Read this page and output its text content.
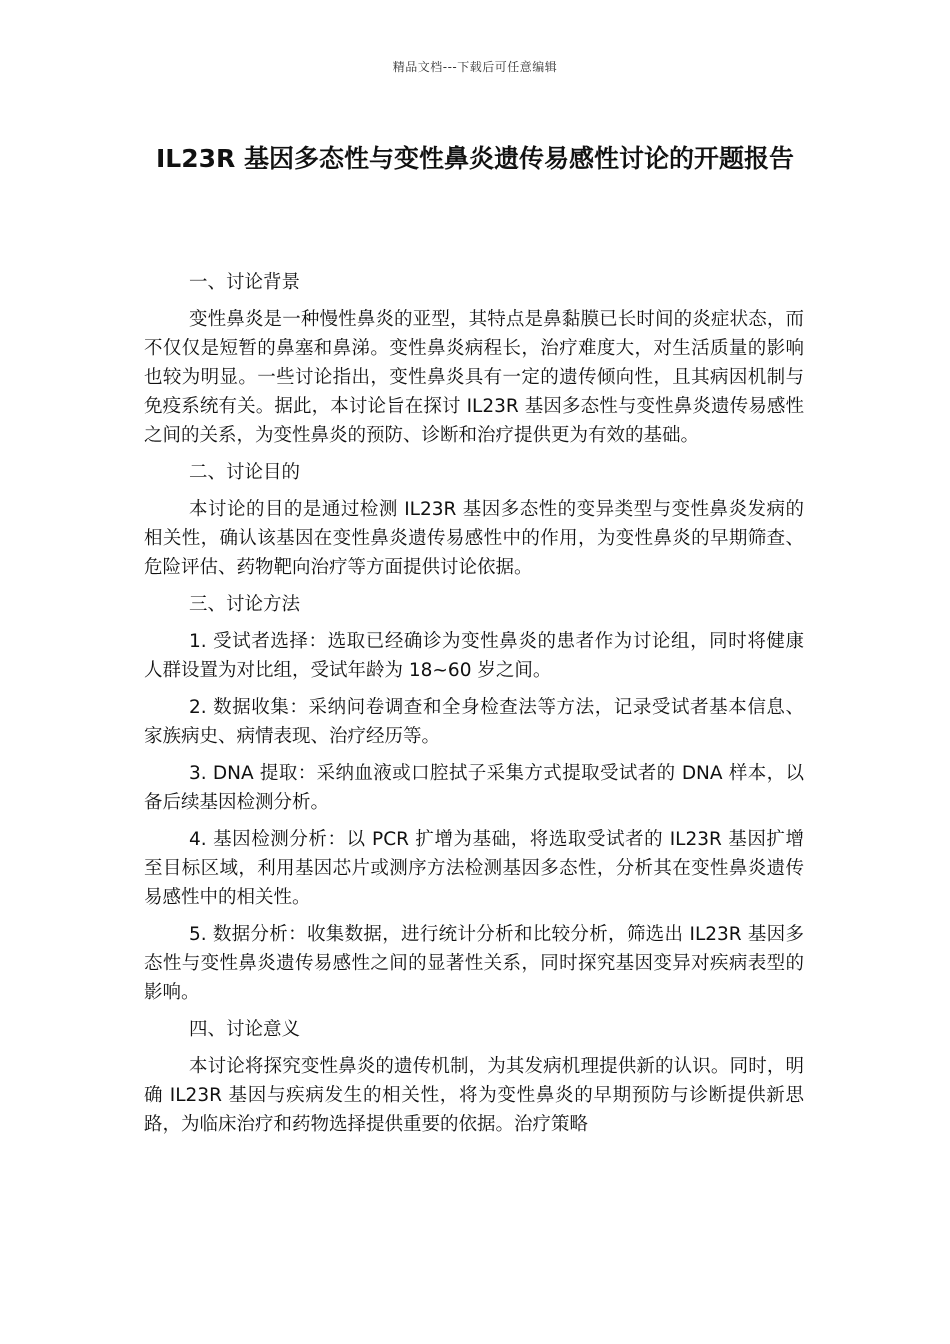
精品文档---下载后可任意编辑
IL23R 基因多态性与变性鼻炎遗传易感性讨论的开题报告

一、讨论背景

变性鼻炎是一种慢性鼻炎的亚型，其特点是鼻黏膜已长时间的炎症状态，而不仅仅是短暂的鼻塞和鼻涕。变性鼻炎病程长，治疗难度大，对生活质量的影响也较为明显。一些讨论指出，变性鼻炎具有一定的遗传倾向性，且其病因机制与免疫系统有关。据此，本讨论旨在探讨 IL23R 基因多态性与变性鼻炎遗传易感性之间的关系，为变性鼻炎的预防、诊断和治疗提供更为有效的基础。

二、讨论目的

本讨论的目的是通过检测 IL23R 基因多态性的变异类型与变性鼻炎发病的相关性，确认该基因在变性鼻炎遗传易感性中的作用，为变性鼻炎的早期筛查、危险评估、药物靶向治疗等方面提供讨论依据。

三、讨论方法

1. 受试者选择：选取已经确诊为变性鼻炎的患者作为讨论组，同时将健康人群设置为对比组，受试年龄为 18~60 岁之间。

2. 数据收集：采纳问卷调查和全身检查法等方法，记录受试者基本信息、家族病史、病情表现、治疗经历等。

3. DNA 提取：采纳血液或口腔拭子采集方式提取受试者的 DNA 样本，以备后续基因检测分析。

4. 基因检测分析：以 PCR 扩增为基础，将选取受试者的 IL23R 基因扩增至目标区域，利用基因芯片或测序方法检测基因多态性，分析其在变性鼻炎遗传易感性中的相关性。

5. 数据分析：收集数据，进行统计分析和比较分析，筛选出 IL23R 基因多态性与变性鼻炎遗传易感性之间的显著性关系，同时探究基因变异对疾病表型的影响。

四、讨论意义

本讨论将探究变性鼻炎的遗传机制，为其发病机理提供新的认识。同时，明确 IL23R 基因与疾病发生的相关性，将为变性鼻炎的早期预防与诊断提供新思路，为临床治疗和药物选择提供重要的依据。治疗策略
